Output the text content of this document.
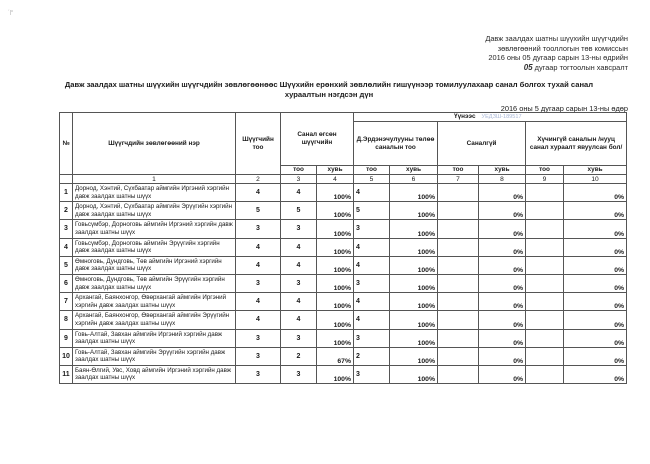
´|°
Давж заалдах шатны шүүхийн шүүгчдийн
зөвлөгөөний тооллогын төв комиссын
2016 оны 05 дугаар сарын 13-ны өдрийн
05 дугаар тогтоолын хавсралт
Давж заалдах шатны шүүхийн шүүгчдийн зөвлөгөөнөөс Шүүхийн ерөнхий зөвлөлийн гишүүнээр томилуулахаар санал болгох тухай санал хураалтын нэгдсэн дүн
2016 оны 5 дугаар сарын 13-ны өдөр
№	Шүүгчдийн зөвлөгөөний нэр	Шүүгчийн тоо	Санал өгсөн шүүгчийн		Үүнээс УЕДЗШ-189517					
					Д.Эрдэнэчулууны төлөө саналын тоо		Саналгүй		Хүчингүй саналын /нууц санал хураалт явуулсан бол/	
			тоо	хувь	тоо	хувь	тоо	хувь	тоо	хувь
	1	2	3	4	5	6	7	8	9	10
1	Дорнод, Хэнтий, Сүхбаатар аймгийн Иргэний хэргийн давж заалдах шатны шүүх	4	4	100%	4	100%		0%		0%
2	Дорнод, Хэнтий, Сүхбаатар аймгийн Эрүүгийн хэргийн давж заалдах шатны шүүх	5	5	100%	5	100%		0%		0%
3	Говьсүмбэр, Дорноговь аймгийн Иргэний хэргийн давж заалдах шатны шүүх	3	3	100%	3	100%		0%		0%
4	Говьсүмбэр, Дорноговь аймгийн Эрүүгийн хэргийн давж заалдах шатны шүүх	4	4	100%	4	100%		0%		0%
5	Өмноговь, Дундговь, Төв аймгийн Иргэний хэргийн давж заалдах шатны шүүх	4	4	100%	4	100%		0%		0%
6	Өмноговь, Дундговь, Төв аймгийн Эрүүгийн хэргийн давж заалдах шатны шүүх	3	3	100%	3	100%		0%		0%
7	Архангай, Баянхонгор, Өвөрхангай аймгийн Иргэний хэргийн давж заалдах шатны шүүх	4	4	100%	4	100%		0%		0%
8	Архангай, Баянхонгор, Өвөрхангай аймгийн Эрүүгийн хэргийн давж заалдах шатны шүүх	4	4	100%	4	100%		0%		0%
9	Говь-Алтай, Завхан аймгийн Иргэний хэргийн давж заалдах шатны шүүх	3	3	100%	3	100%		0%		0%
10	Говь-Алтай, Завхан аймгийн Эрүүгийн хэргийн давж заалдах шатны шүүх	3	2	67%	2	100%		0%		0%
11	Баян-Өлгий, Увс, Ховд аймгийн Иргэний хэргийн давж заалдах шатны шүүх	3	3	100%	3	100%		0%		0%
